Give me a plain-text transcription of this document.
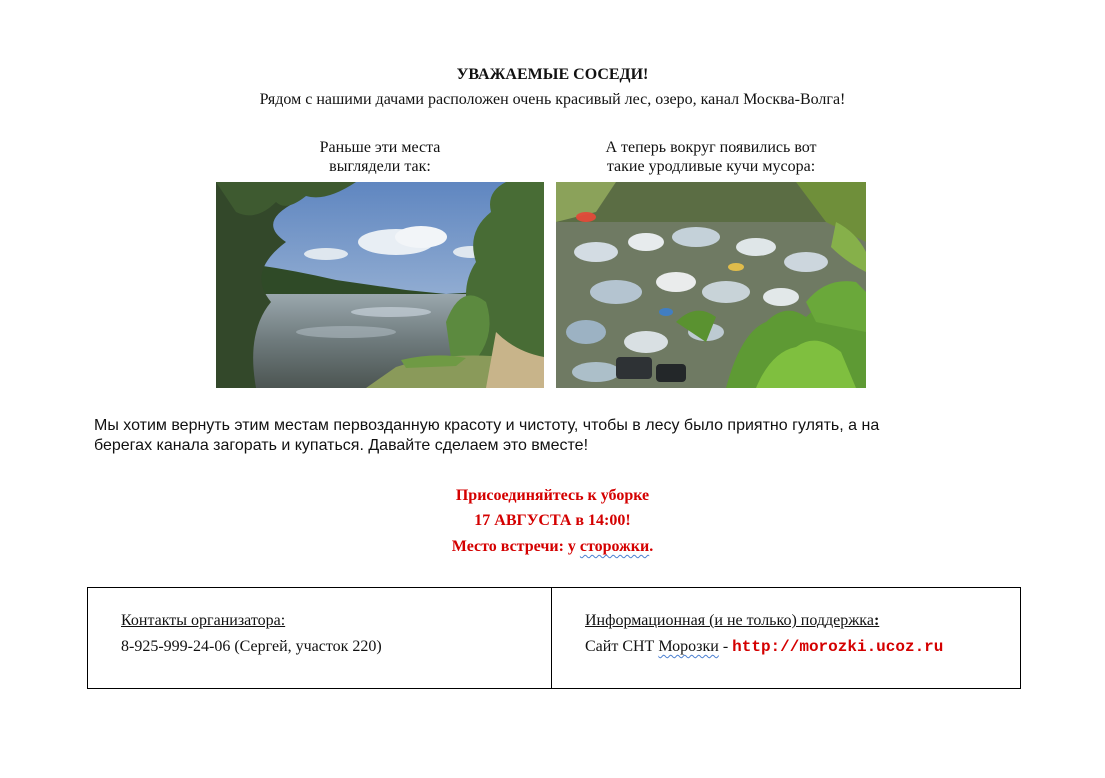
УВАЖАЕМЫЕ СОСЕДИ!
Рядом с нашими дачами расположен очень красивый лес, озеро, канал Москва-Волга!
Раньше эти места
выглядели так:
А теперь вокруг появились вот
такие уродливые кучи мусора:
Мы хотим вернуть этим местам первозданную красоту и чистоту, чтобы в лесу было приятно гулять, а на
берегах канала загорать и купаться. Давайте сделаем это вместе!
Присоединяйтесь к уборке
17 АВГУСТА в 14:00!
Место встречи: у сторожки.
Контакты организатора:
8-925-999-24-06 (Сергей, участок 220)
Информационная (и не только) поддержка:
Сайт СНТ Морозки - http://morozki.ucoz.ru
